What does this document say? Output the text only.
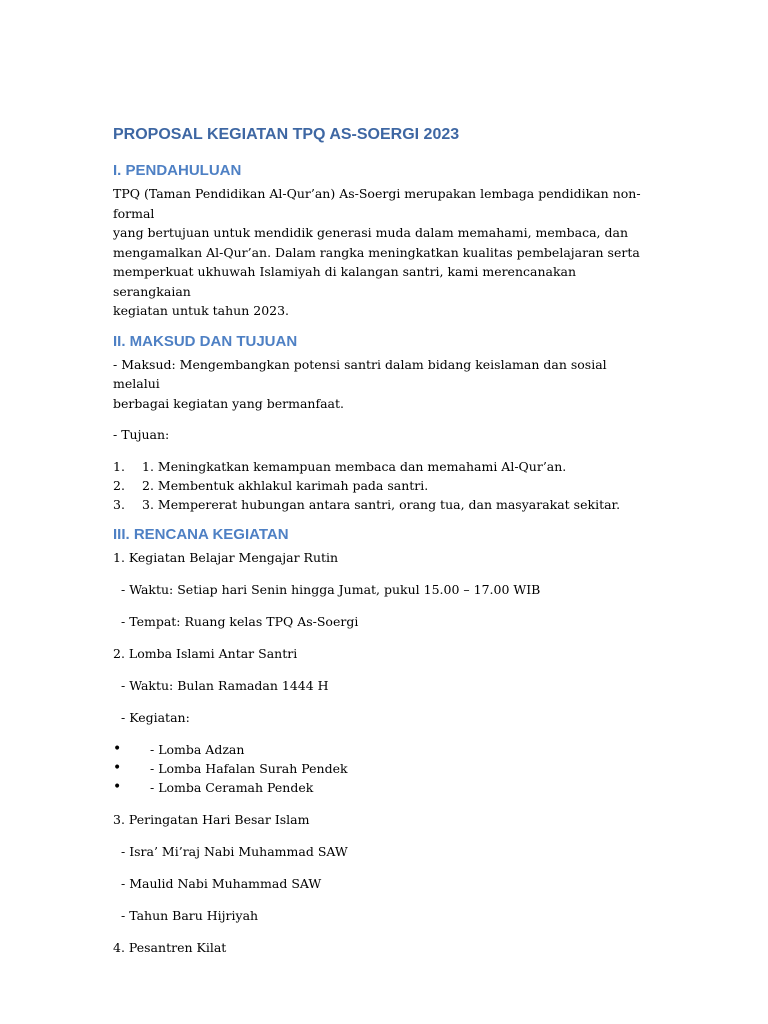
PROPOSAL KEGIATAN TPQ AS-SOERGI 2023
I. PENDAHULUAN

TPQ (Taman Pendidikan Al-Qur’an) As-Soergi merupakan lembaga pendidikan non-formal

yang bertujuan untuk mendidik generasi muda dalam memahami, membaca, dan

mengamalkan Al-Qur’an. Dalam rangka meningkatkan kualitas pembelajaran serta

memperkuat ukhuwah Islamiyah di kalangan santri, kami merencanakan serangkaian

kegiatan untuk tahun 2023.

II. MAKSUD DAN TUJUAN

- Maksud: Mengembangkan potensi santri dalam bidang keislaman dan sosial melalui

berbagai kegiatan yang bermanfaat.

- Tujuan:

1. 1. Meningkatkan kemampuan membaca dan memahami Al-Qur’an.
2. 2. Membentuk akhlakul karimah pada santri.
3. 3. Mempererat hubungan antara santri, orang tua, dan masyarakat sekitar.
III. RENCANA KEGIATAN

1. Kegiatan Belajar Mengajar Rutin

- Waktu: Setiap hari Senin hingga Jumat, pukul 15.00 – 17.00 WIB

- Tempat: Ruang kelas TPQ As-Soergi

2. Lomba Islami Antar Santri

- Waktu: Bulan Ramadan 1444 H

- Kegiatan:

• - Lomba Adzan
• - Lomba Hafalan Surah Pendek
• - Lomba Ceramah Pendek

3. Peringatan Hari Besar Islam

- Isra’ Mi’raj Nabi Muhammad SAW

- Maulid Nabi Muhammad SAW

- Tahun Baru Hijriyah

4. Pesantren Kilat
